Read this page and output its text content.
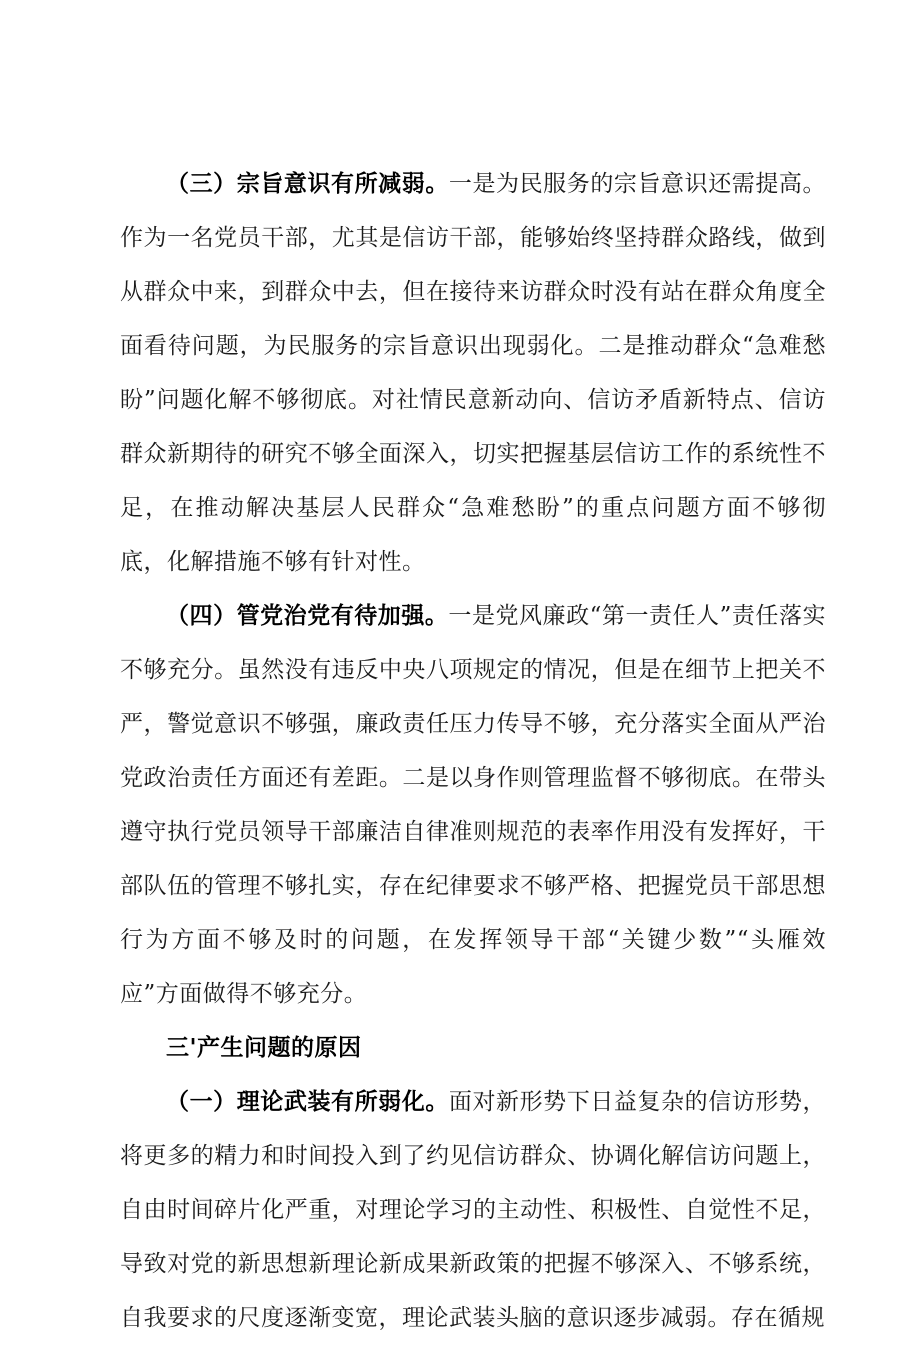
（三）宗旨意识有所减弱。一是为民服务的宗旨意识还需提高。作为一名党员干部，尤其是信访干部，能够始终坚持群众路线，做到从群众中来，到群众中去，但在接待来访群众时没有站在群众角度全面看待问题，为民服务的宗旨意识出现弱化。二是推动群众“急难愁盼”问题化解不够彻底。对社情民意新动向、信访矛盾新特点、信访群众新期待的研究不够全面深入，切实把握基层信访工作的系统性不足，在推动解决基层人民群众“急难愁盼”的重点问题方面不够彻底，化解措施不够有针对性。

（四）管党治党有待加强。一是党风廉政“第一责任人”责任落实不够充分。虽然没有违反中央八项规定的情况，但是在细节上把关不严，警觉意识不够强，廉政责任压力传导不够，充分落实全面从严治党政治责任方面还有差距。二是以身作则管理监督不够彻底。在带头遵守执行党员领导干部廉洁自律准则规范的表率作用没有发挥好，干部队伍的管理不够扎实，存在纪律要求不够严格、把握党员干部思想行为方面不够及时的问题，在发挥领导干部“关键少数”“头雁效应”方面做得不够充分。

三'产生问题的原因

（一）理论武装有所弱化。面对新形势下日益复杂的信访形势，将更多的精力和时间投入到了约见信访群众、协调化解信访问题上，自由时间碎片化严重，对理论学习的主动性、积极性、自觉性不足，导致对党的新思想新理论新成果新政策的把握不够深入、不够系统，自我要求的尺度逐渐变宽，理论武装头脑的意识逐步减弱。存在循规
